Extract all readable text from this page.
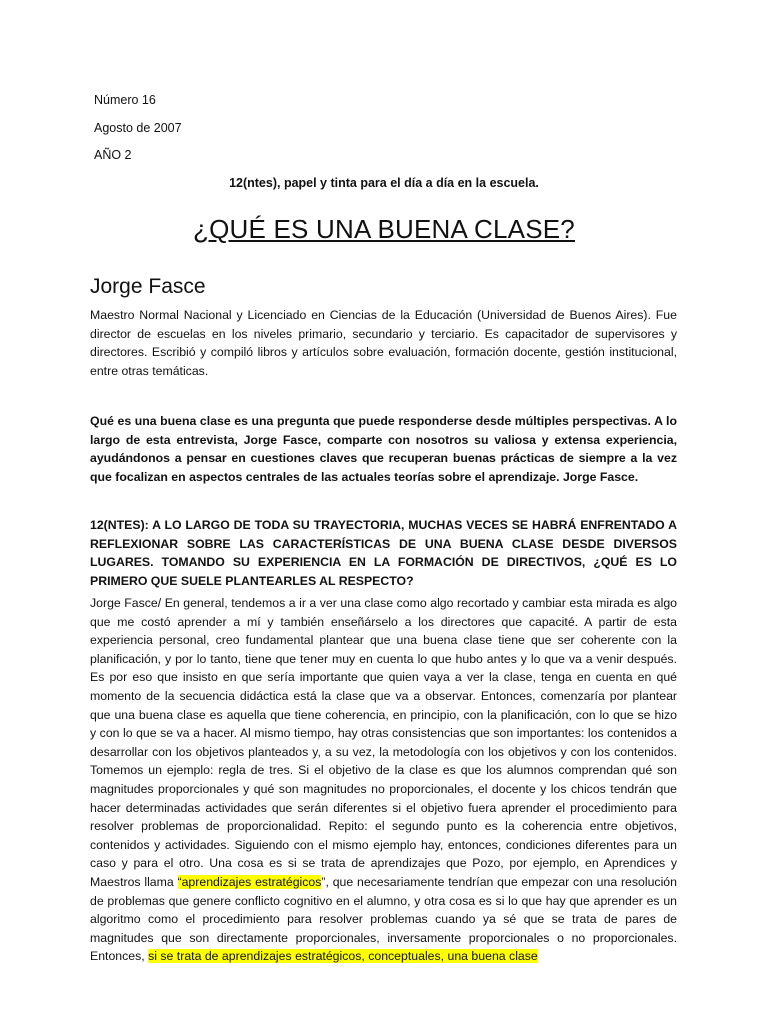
Número 16
Agosto de 2007
AÑO 2
12(ntes), papel y tinta para el día a día en la escuela.
¿QUÉ ES UNA BUENA CLASE?
Jorge Fasce

Maestro Normal Nacional y Licenciado en Ciencias de la Educación (Universidad de Buenos Aires). Fue director de escuelas en los niveles primario, secundario y terciario. Es capacitador de supervisores y directores. Escribió y compiló libros y artículos sobre evaluación, formación docente, gestión institucional, entre otras temáticas.

Qué es una buena clase es una pregunta que puede responderse desde múltiples perspectivas. A lo largo de esta entrevista, Jorge Fasce, comparte con nosotros su valiosa y extensa experiencia, ayudándonos a pensar en cuestiones claves que recuperan buenas prácticas de siempre a la vez que focalizan en aspectos centrales de las actuales teorías sobre el aprendizaje. Jorge Fasce.

12(NTES): A LO LARGO DE TODA SU TRAYECTORIA, MUCHAS VECES SE HABRÁ ENFRENTADO A REFLEXIONAR SOBRE LAS CARACTERÍSTICAS DE UNA BUENA CLASE DESDE DIVERSOS LUGARES. TOMANDO SU EXPERIENCIA EN LA FORMACIÓN DE DIRECTIVOS, ¿QUÉ ES LO PRIMERO QUE SUELE PLANTEARLES AL RESPECTO?

Jorge Fasce/ En general, tendemos a ir a ver una clase como algo recortado y cambiar esta mirada es algo que me costó aprender a mí y también enseñárselo a los directores que capacité. A partir de esta experiencia personal, creo fundamental plantear que una buena clase tiene que ser coherente con la planificación, y por lo tanto, tiene que tener muy en cuenta lo que hubo antes y lo que va a venir después. Es por eso que insisto en que sería importante que quien vaya a ver la clase, tenga en cuenta en qué momento de la secuencia didáctica está la clase que va a observar. Entonces, comenzaría por plantear que una buena clase es aquella que tiene coherencia, en principio, con la planificación, con lo que se hizo y con lo que se va a hacer. Al mismo tiempo, hay otras consistencias que son importantes: los contenidos a desarrollar con los objetivos planteados y, a su vez, la metodología con los objetivos y con los contenidos. Tomemos un ejemplo: regla de tres. Si el objetivo de la clase es que los alumnos comprendan qué son magnitudes proporcionales y qué son magnitudes no proporcionales, el docente y los chicos tendrán que hacer determinadas actividades que serán diferentes si el objetivo fuera aprender el procedimiento para resolver problemas de proporcionalidad. Repito: el segundo punto es la coherencia entre objetivos, contenidos y actividades. Siguiendo con el mismo ejemplo hay, entonces, condiciones diferentes para un caso y para el otro. Una cosa es si se trata de aprendizajes que Pozo, por ejemplo, en Aprendices y Maestros llama “aprendizajes estratégicos”, que necesariamente tendrían que empezar con una resolución de problemas que genere conflicto cognitivo en el alumno, y otra cosa es si lo que hay que aprender es un algoritmo como el procedimiento para resolver problemas cuando ya sé que se trata de pares de magnitudes que son directamente proporcionales, inversamente proporcionales o no proporcionales. Entonces, si se trata de aprendizajes estratégicos, conceptuales, una buena clase
